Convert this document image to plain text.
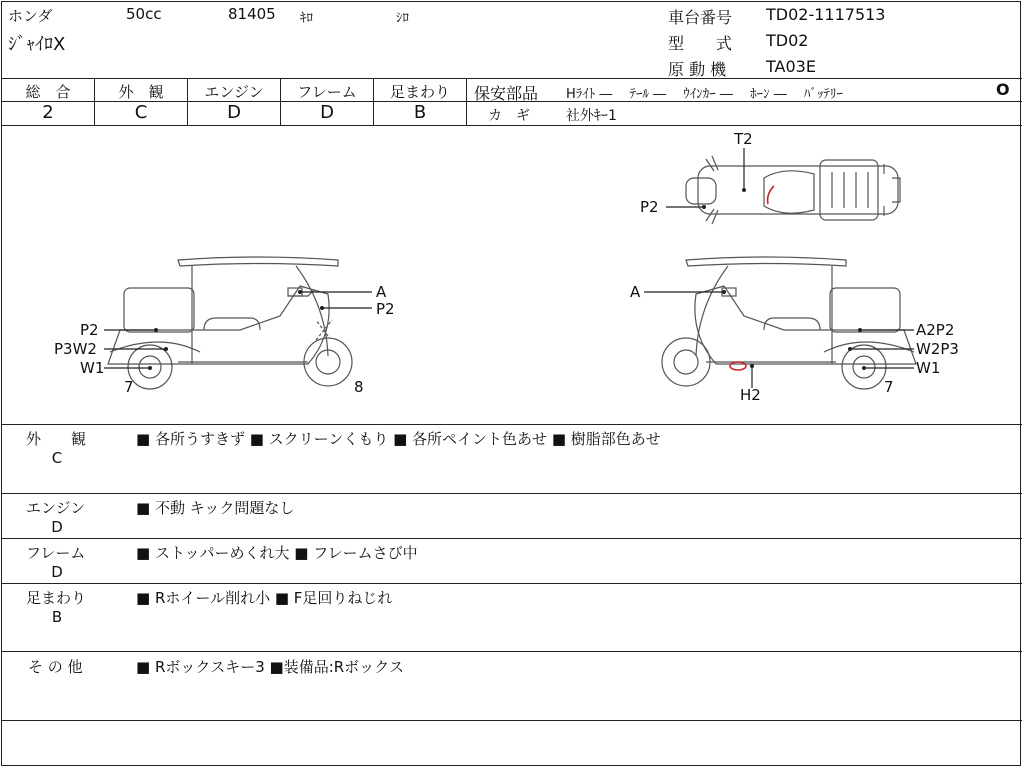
ホンダ	50cc	81405 ｷﾛ	ｼﾛ
ｼﾞｬｲﾛX
車台番号 TD02-1117513
型　　式 TD02
原 動 機 TA03E
総　合	外　観	エンジン	フレーム	足まわり
2	C	D	D	B
保安部品 Hﾗｲﾄ ―　 ﾃｰﾙ ―　 ｳｲﾝｶｰ ―　 ﾎｰﾝ ―　 ﾊﾞｯﾃﾘｰ	O
カ　ギ	社外ｷｰ1
T2
P2
A
P2
P2
P3W2
W1
7	8
A
A2P2
W2P3
W1
H2	7
外　　観
C
■ 各所うすきず ■ スクリーンくもり ■ 各所ペイント色あせ ■ 樹脂部色あせ
エンジン
D
■ 不動 キック問題なし
フレーム
D
■ ストッパーめくれ大 ■ フレームさび中
足まわり
B
■ Rホイール削れ小 ■ F足回りねじれ
そ の 他	■ Rボックスキー3 ■装備品:Rボックス
